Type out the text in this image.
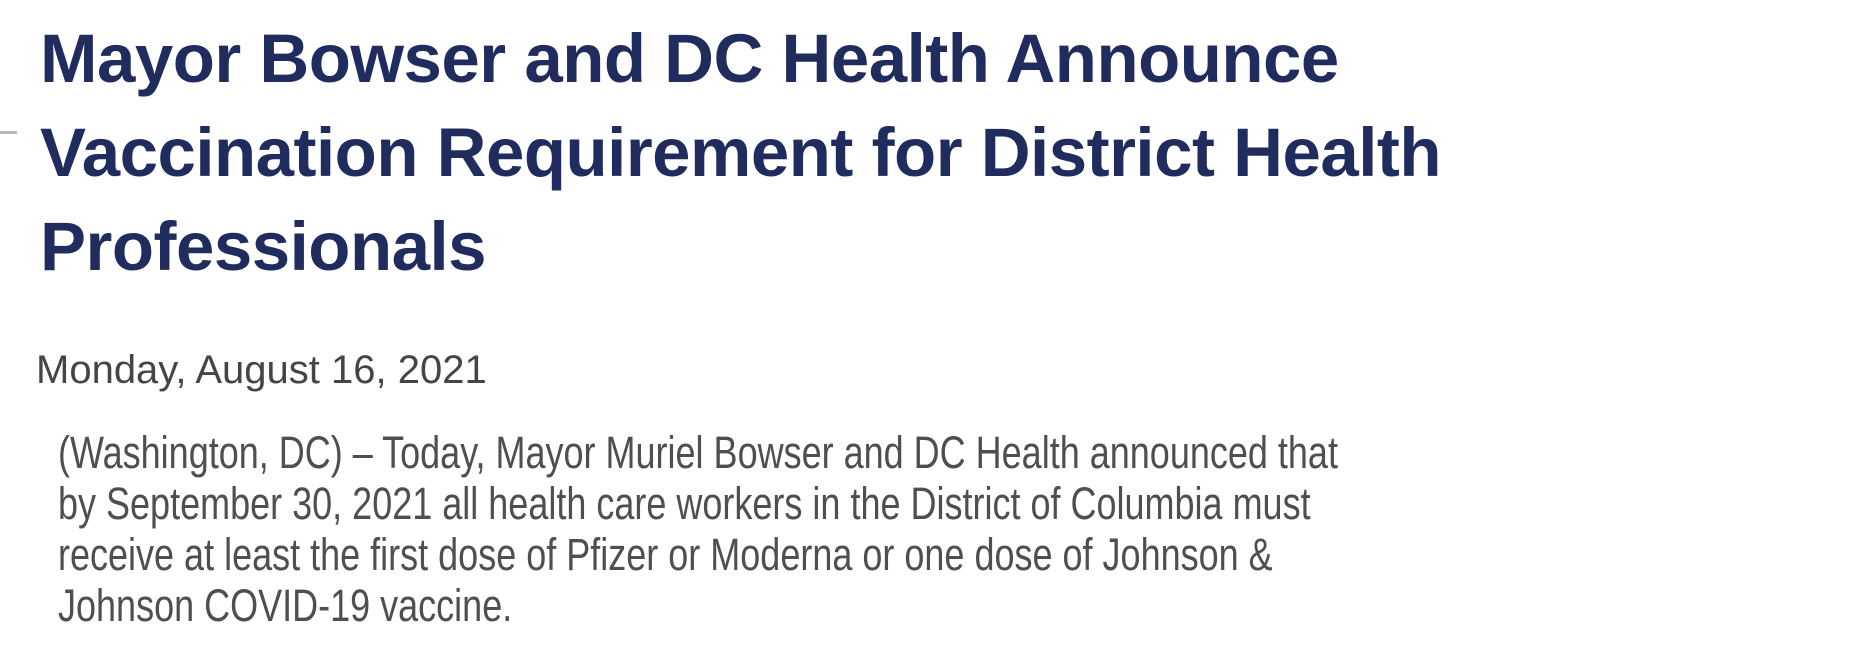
Mayor Bowser and DC Health Announce
Vaccination Requirement for District Health
Professionals
Monday, August 16, 2021
(Washington, DC) – Today, Mayor Muriel Bowser and DC Health announced that
by September 30, 2021 all health care workers in the District of Columbia must
receive at least the first dose of Pfizer or Moderna or one dose of Johnson &
Johnson COVID-19 vaccine.
